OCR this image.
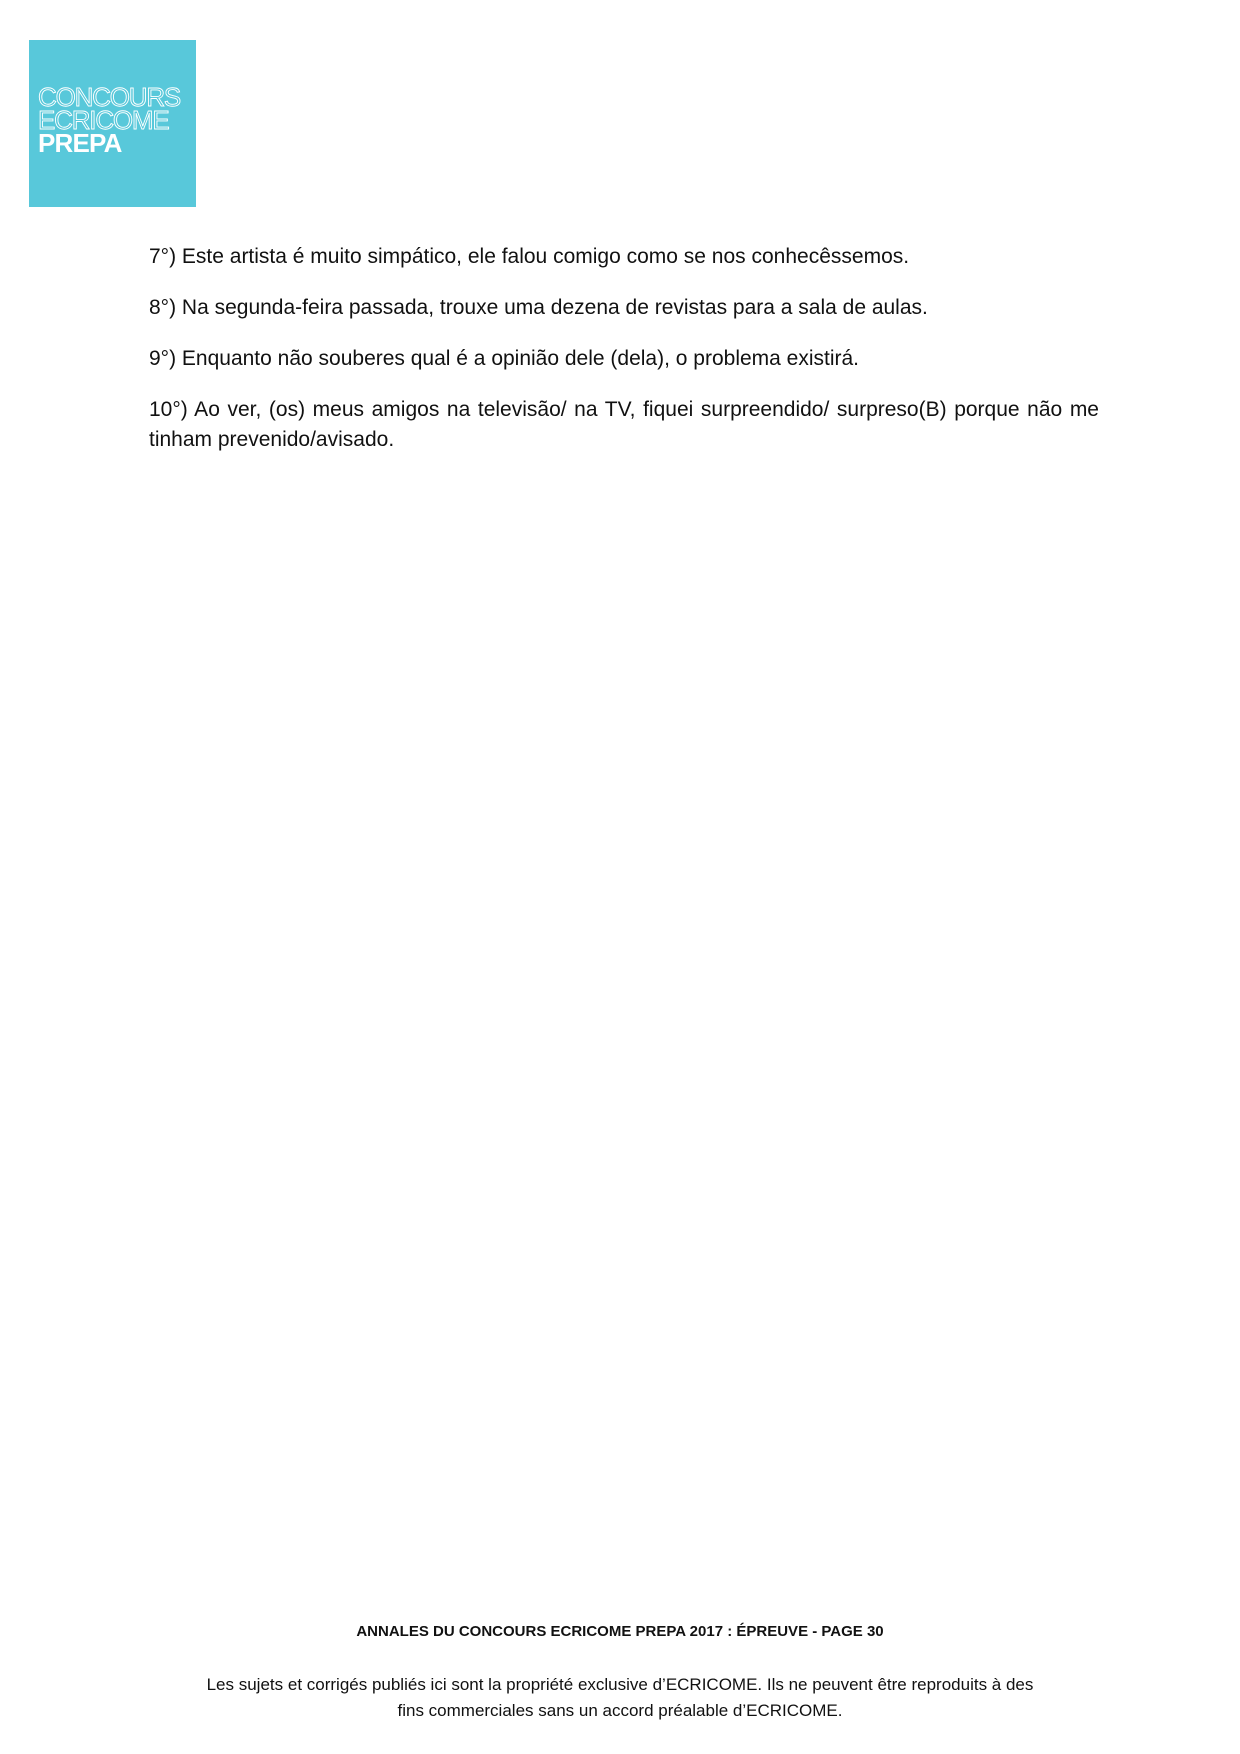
CONCOURS
ECRICOME
PREPA

7°) Este artista é muito simpático, ele falou comigo como se nos conhecêssemos.

8°) Na segunda-feira passada, trouxe uma dezena de revistas para a sala de aulas.

9°) Enquanto não souberes qual é a opinião dele (dela), o problema existirá.

10°) Ao ver, (os) meus amigos na televisão/ na TV, fiquei surpreendido/ surpreso(B) porque não me tinham prevenido/avisado.

ANNALES DU CONCOURS ECRICOME PREPA 2017 : ÉPREUVE - PAGE 30
Les sujets et corrigés publiés ici sont la propriété exclusive d’ECRICOME. Ils ne peuvent être reproduits à des
fins commerciales sans un accord préalable d’ECRICOME.
